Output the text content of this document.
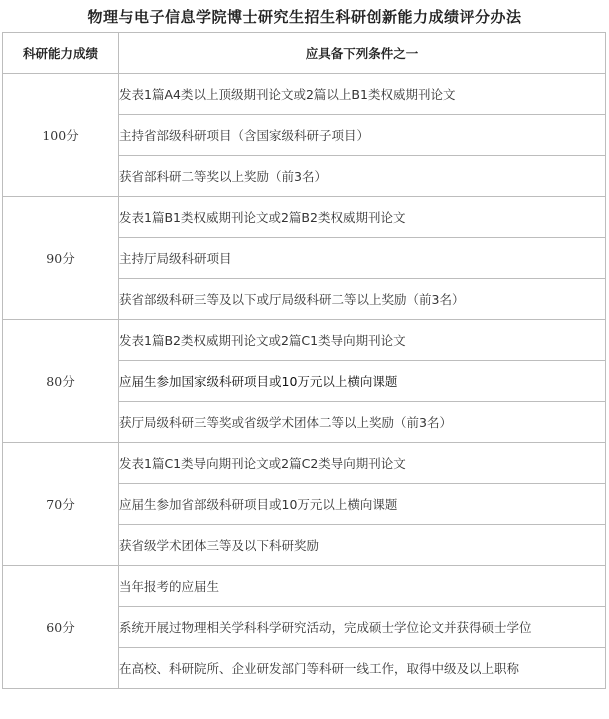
物理与电子信息学院博士研究生招生科研创新能力成绩评分办法
科研能力成绩	应具备下列条件之一
100分	发表1篇A4类以上顶级期刊论文或2篇以上B1类权威期刊论文
	主持省部级科研项目（含国家级科研子项目）
	获省部科研二等奖以上奖励（前3名）
90分	发表1篇B1类权威期刊论文或2篇B2类权威期刊论文
	主持厅局级科研项目
	获省部级科研三等及以下或厅局级科研二等以上奖励（前3名）
80分	发表1篇B2类权威期刊论文或2篇C1类导向期刊论文
	应届生参加国家级科研项目或10万元以上横向课题
	获厅局级科研三等奖或省级学术团体二等以上奖励（前3名）
70分	发表1篇C1类导向期刊论文或2篇C2类导向期刊论文
	应届生参加省部级科研项目或10万元以上横向课题
	获省级学术团体三等及以下科研奖励
60分	当年报考的应届生
	系统开展过物理相关学科科学研究活动，完成硕士学位论文并获得硕士学位
	在高校、科研院所、企业研发部门等科研一线工作，取得中级及以上职称
